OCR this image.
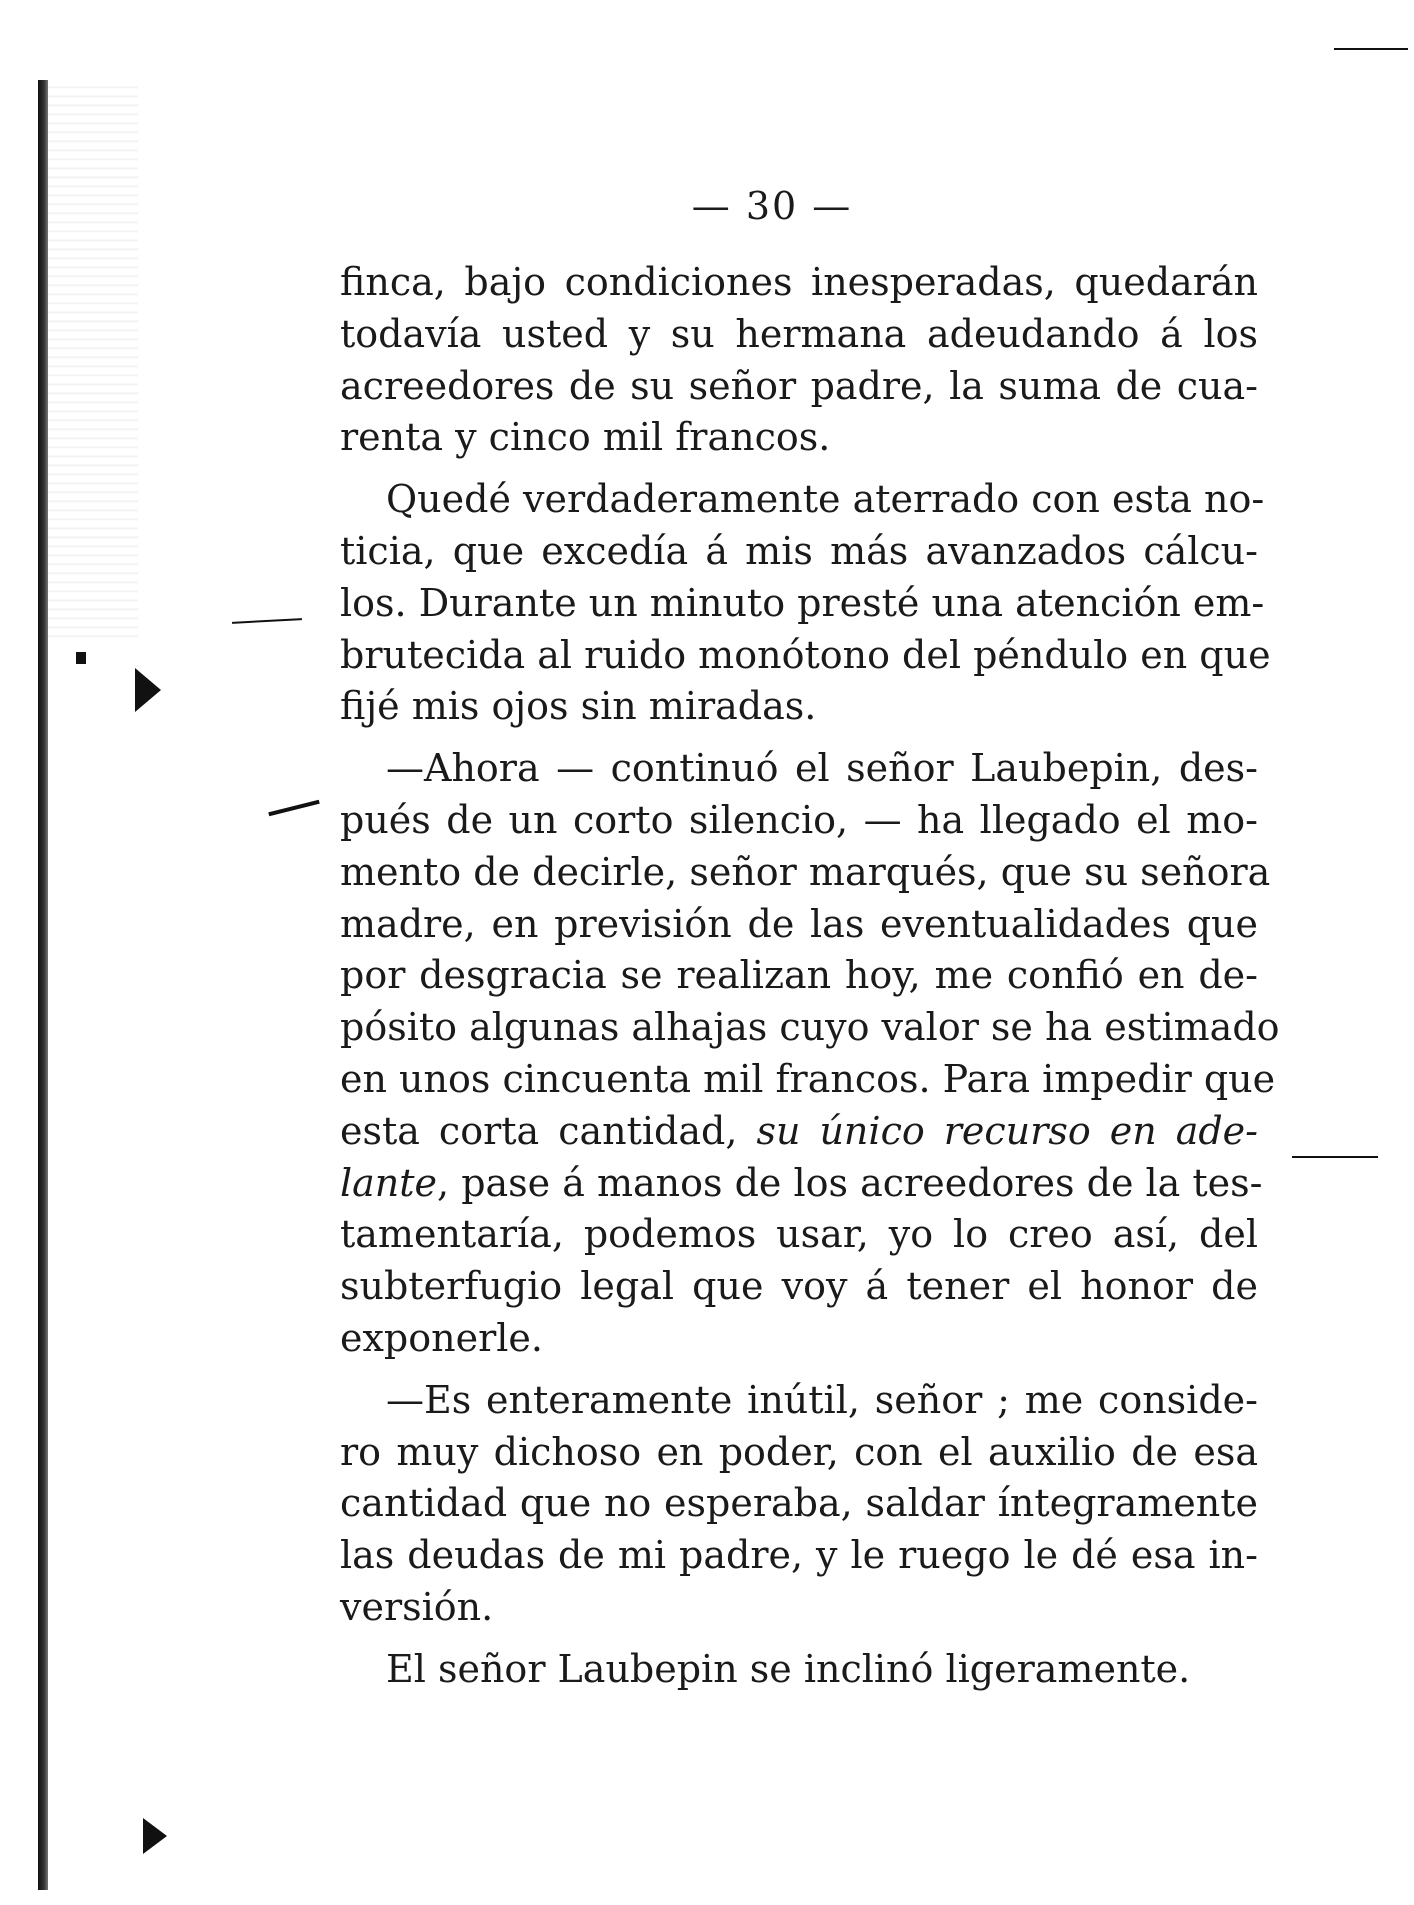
— 30 —
finca, bajo condiciones inesperadas, quedarán
todavía usted y su hermana adeudando á los
acreedores de su señor padre, la suma de cua-
renta y cinco mil francos.
Quedé verdaderamente aterrado con esta no-
ticia, que excedía á mis más avanzados cálcu-
los. Durante un minuto presté una atención em-
brutecida al ruido monótono del péndulo en que
fijé mis ojos sin miradas.
—Ahora — continuó el señor Laubepin, des-
pués de un corto silencio, — ha llegado el mo-
mento de decirle, señor marqués, que su señora
madre, en previsión de las eventualidades que
por desgracia se realizan hoy, me confió en de-
pósito algunas alhajas cuyo valor se ha estimado
en unos cincuenta mil francos. Para impedir que
esta corta cantidad, su único recurso en ade-
lante, pase á manos de los acreedores de la tes-
tamentaría, podemos usar, yo lo creo así, del
subterfugio legal que voy á tener el honor de
exponerle.
—Es enteramente inútil, señor ; me conside-
ro muy dichoso en poder, con el auxilio de esa
cantidad que no esperaba, saldar íntegramente
las deudas de mi padre, y le ruego le dé esa in-
versión.
El señor Laubepin se inclinó ligeramente.
